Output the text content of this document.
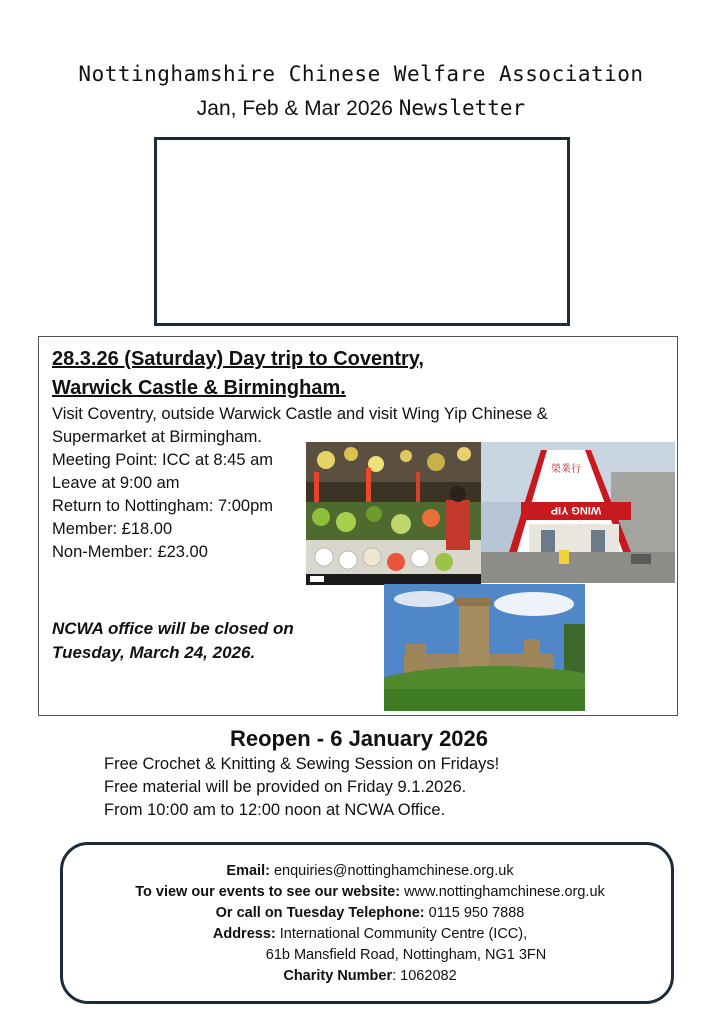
Nottinghamshire Chinese Welfare Association
Jan, Feb & Mar 2026 Newsletter
28.3.26 (Saturday) Day trip to Coventry,
Warwick Castle & Birmingham.
Visit Coventry, outside Warwick Castle and visit Wing Yip Chinese &
Supermarket at Birmingham.
Meeting Point: ICC at 8:45 am
Leave at 9:00 am
Return to Nottingham: 7:00pm
Member: £18.00
Non-Member: £23.00
NCWA office will be closed on
Tuesday, March 24, 2026.
WING YIP
榮業行
Reopen - 6 January 2026
Free Crochet & Knitting & Sewing Session on Fridays!
Free material will be provided on Friday 9.1.2026.
From 10:00 am to 12:00 noon at NCWA Office.
Email: enquiries@nottinghamchinese.org.uk
To view our events to see our website: www.nottinghamchinese.org.uk
Or call on Tuesday Telephone: 0115 950 7888
Address: International Community Centre (ICC),
61b Mansfield Road, Nottingham, NG1 3FN
Charity Number: 1062082
